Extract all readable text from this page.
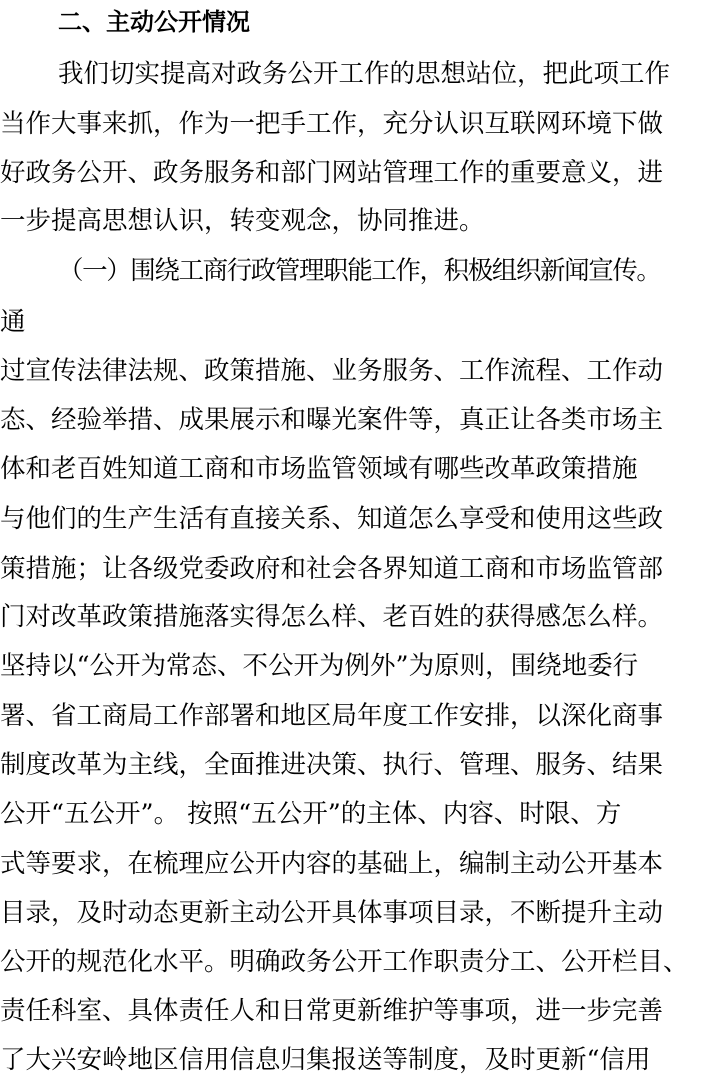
二、主动公开情况
我们切实提高对政务公开工作的思想站位，把此项工作
当作大事来抓，作为一把手工作，充分认识互联网环境下做
好政务公开、政务服务和部门网站管理工作的重要意义，进
一步提高思想认识，转变观念，协同推进。
（一）围绕工商行政管理职能工作，积极组织新闻宣传。
通
过宣传法律法规、政策措施、业务服务、工作流程、工作动
态、经验举措、成果展示和曝光案件等，真正让各类市场主
体和老百姓知道工商和市场监管领域有哪些改革政策措施
与他们的生产生活有直接关系、知道怎么享受和使用这些政
策措施；让各级党委政府和社会各界知道工商和市场监管部
门对改革政策措施落实得怎么样、老百姓的获得感怎么样。
坚持以“公开为常态、不公开为例外”为原则，围绕地委行
署、省工商局工作部署和地区局年度工作安排，以深化商事
制度改革为主线，全面推进决策、执行、管理、服务、结果
公开“五公开”。 按照“五公开”的主体、内容、时限、方
式等要求，在梳理应公开内容的基础上，编制主动公开基本
目录，及时动态更新主动公开具体事项目录，不断提升主动
公开的规范化水平。明确政务公开工作职责分工、公开栏目、
责任科室、具体责任人和日常更新维护等事项，进一步完善
了大兴安岭地区信用信息归集报送等制度，及时更新“信用
